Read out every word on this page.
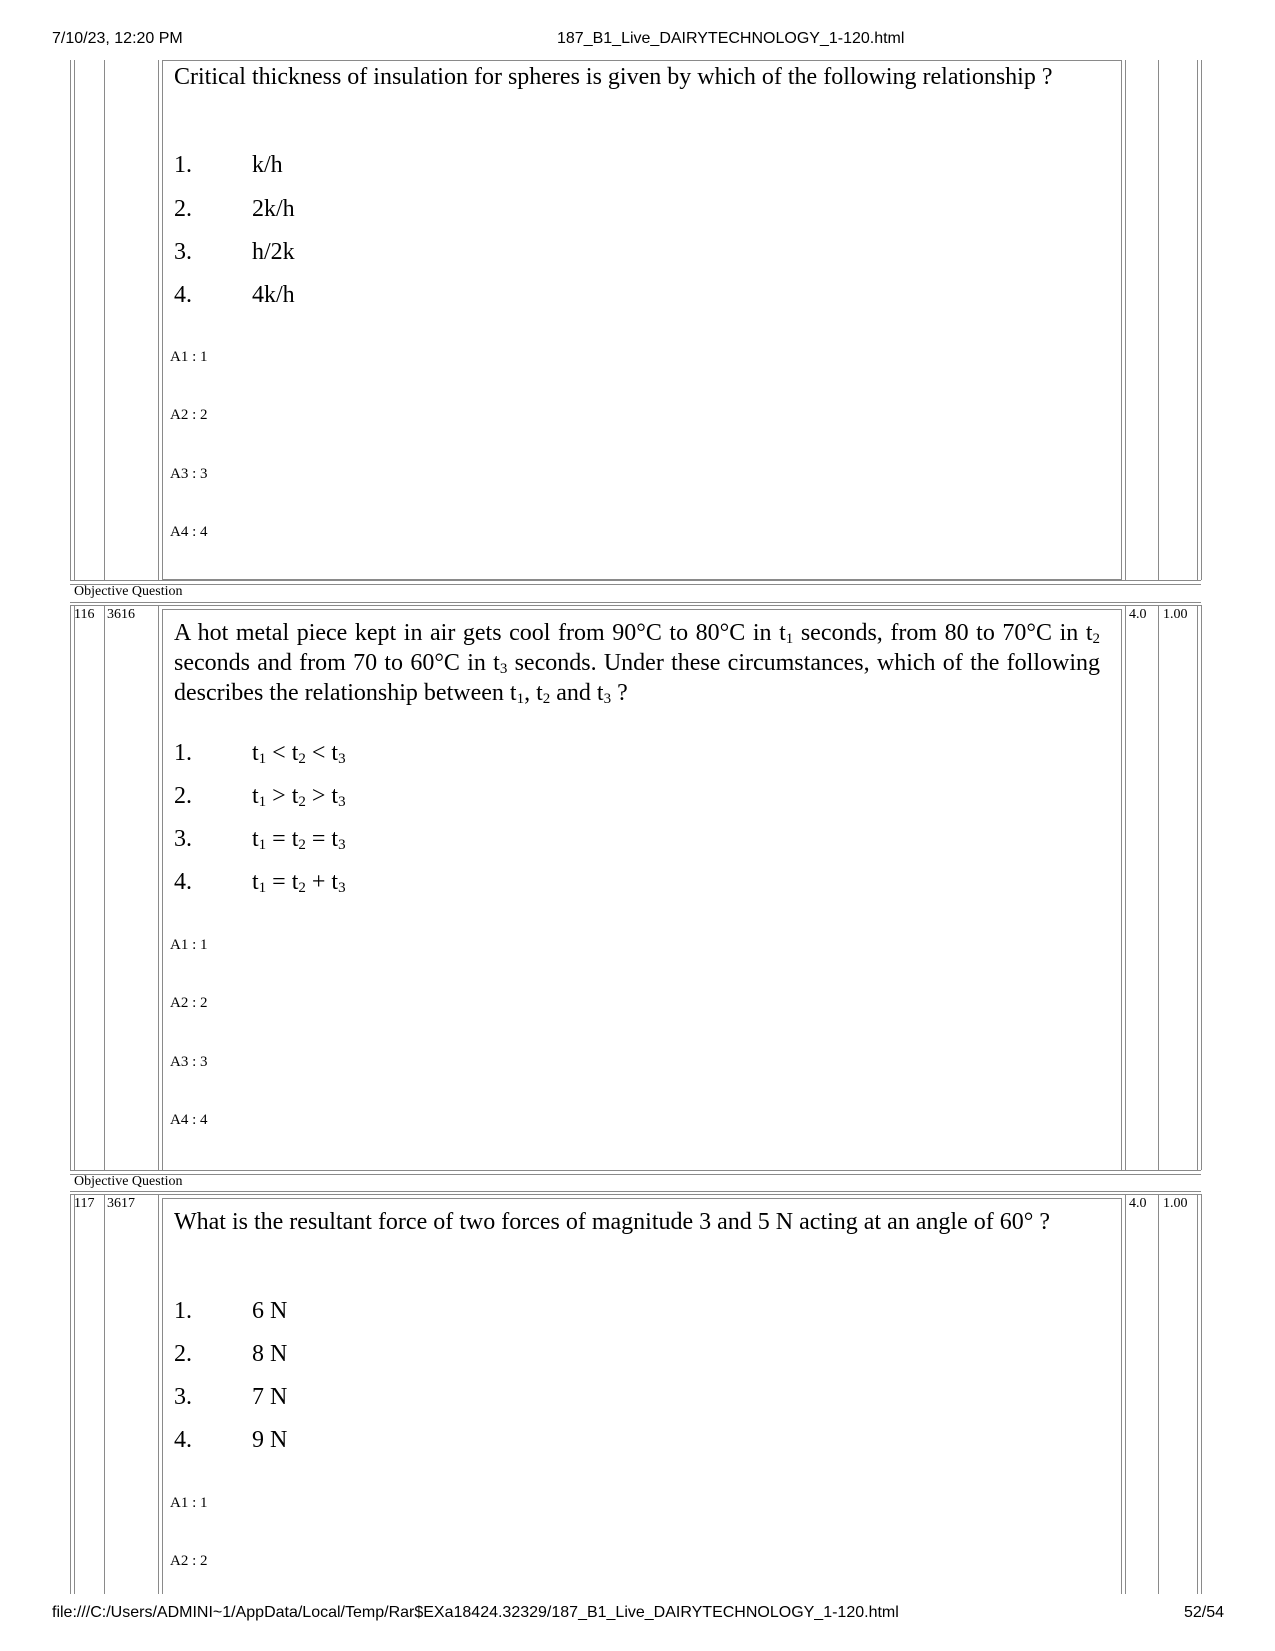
7/10/23, 12:20 PM	187_B1_Live_DAIRYTECHNOLOGY_1-120.html
Critical thickness of insulation for spheres is given by which of the following relationship ?
1.	k/h
2.	2k/h
3.	h/2k
4.	4k/h
A1 : 1
A2 : 2
A3 : 3
A4 : 4
Objective Question
116 3616	4.0 1.00
A hot metal piece kept in air gets cool from 90°C to 80°C in $t_1$ seconds, from 80 to 70°C in $t_2$ seconds and from 70 to 60°C in $t_3$ seconds. Under these circumstances, which of the following describes the relationship between $t_1$, $t_2$ and $t_3$ ?
1.	$t_1 < t_2 < t_3$
2.	$t_1 > t_2 > t_3$
3.	$t_1 = t_2 = t_3$
4.	$t_1 = t_2 + t_3$
A1 : 1
A2 : 2
A3 : 3
A4 : 4
Objective Question
117 3617	4.0 1.00
What is the resultant force of two forces of magnitude 3 and 5 N acting at an angle of 60° ?
1.	6 N
2.	8 N
3.	7 N
4.	9 N
A1 : 1
A2 : 2
file:///C:/Users/ADMINI~1/AppData/Local/Temp/Rar$EXa18424.32329/187_B1_Live_DAIRYTECHNOLOGY_1-120.html	52/54
